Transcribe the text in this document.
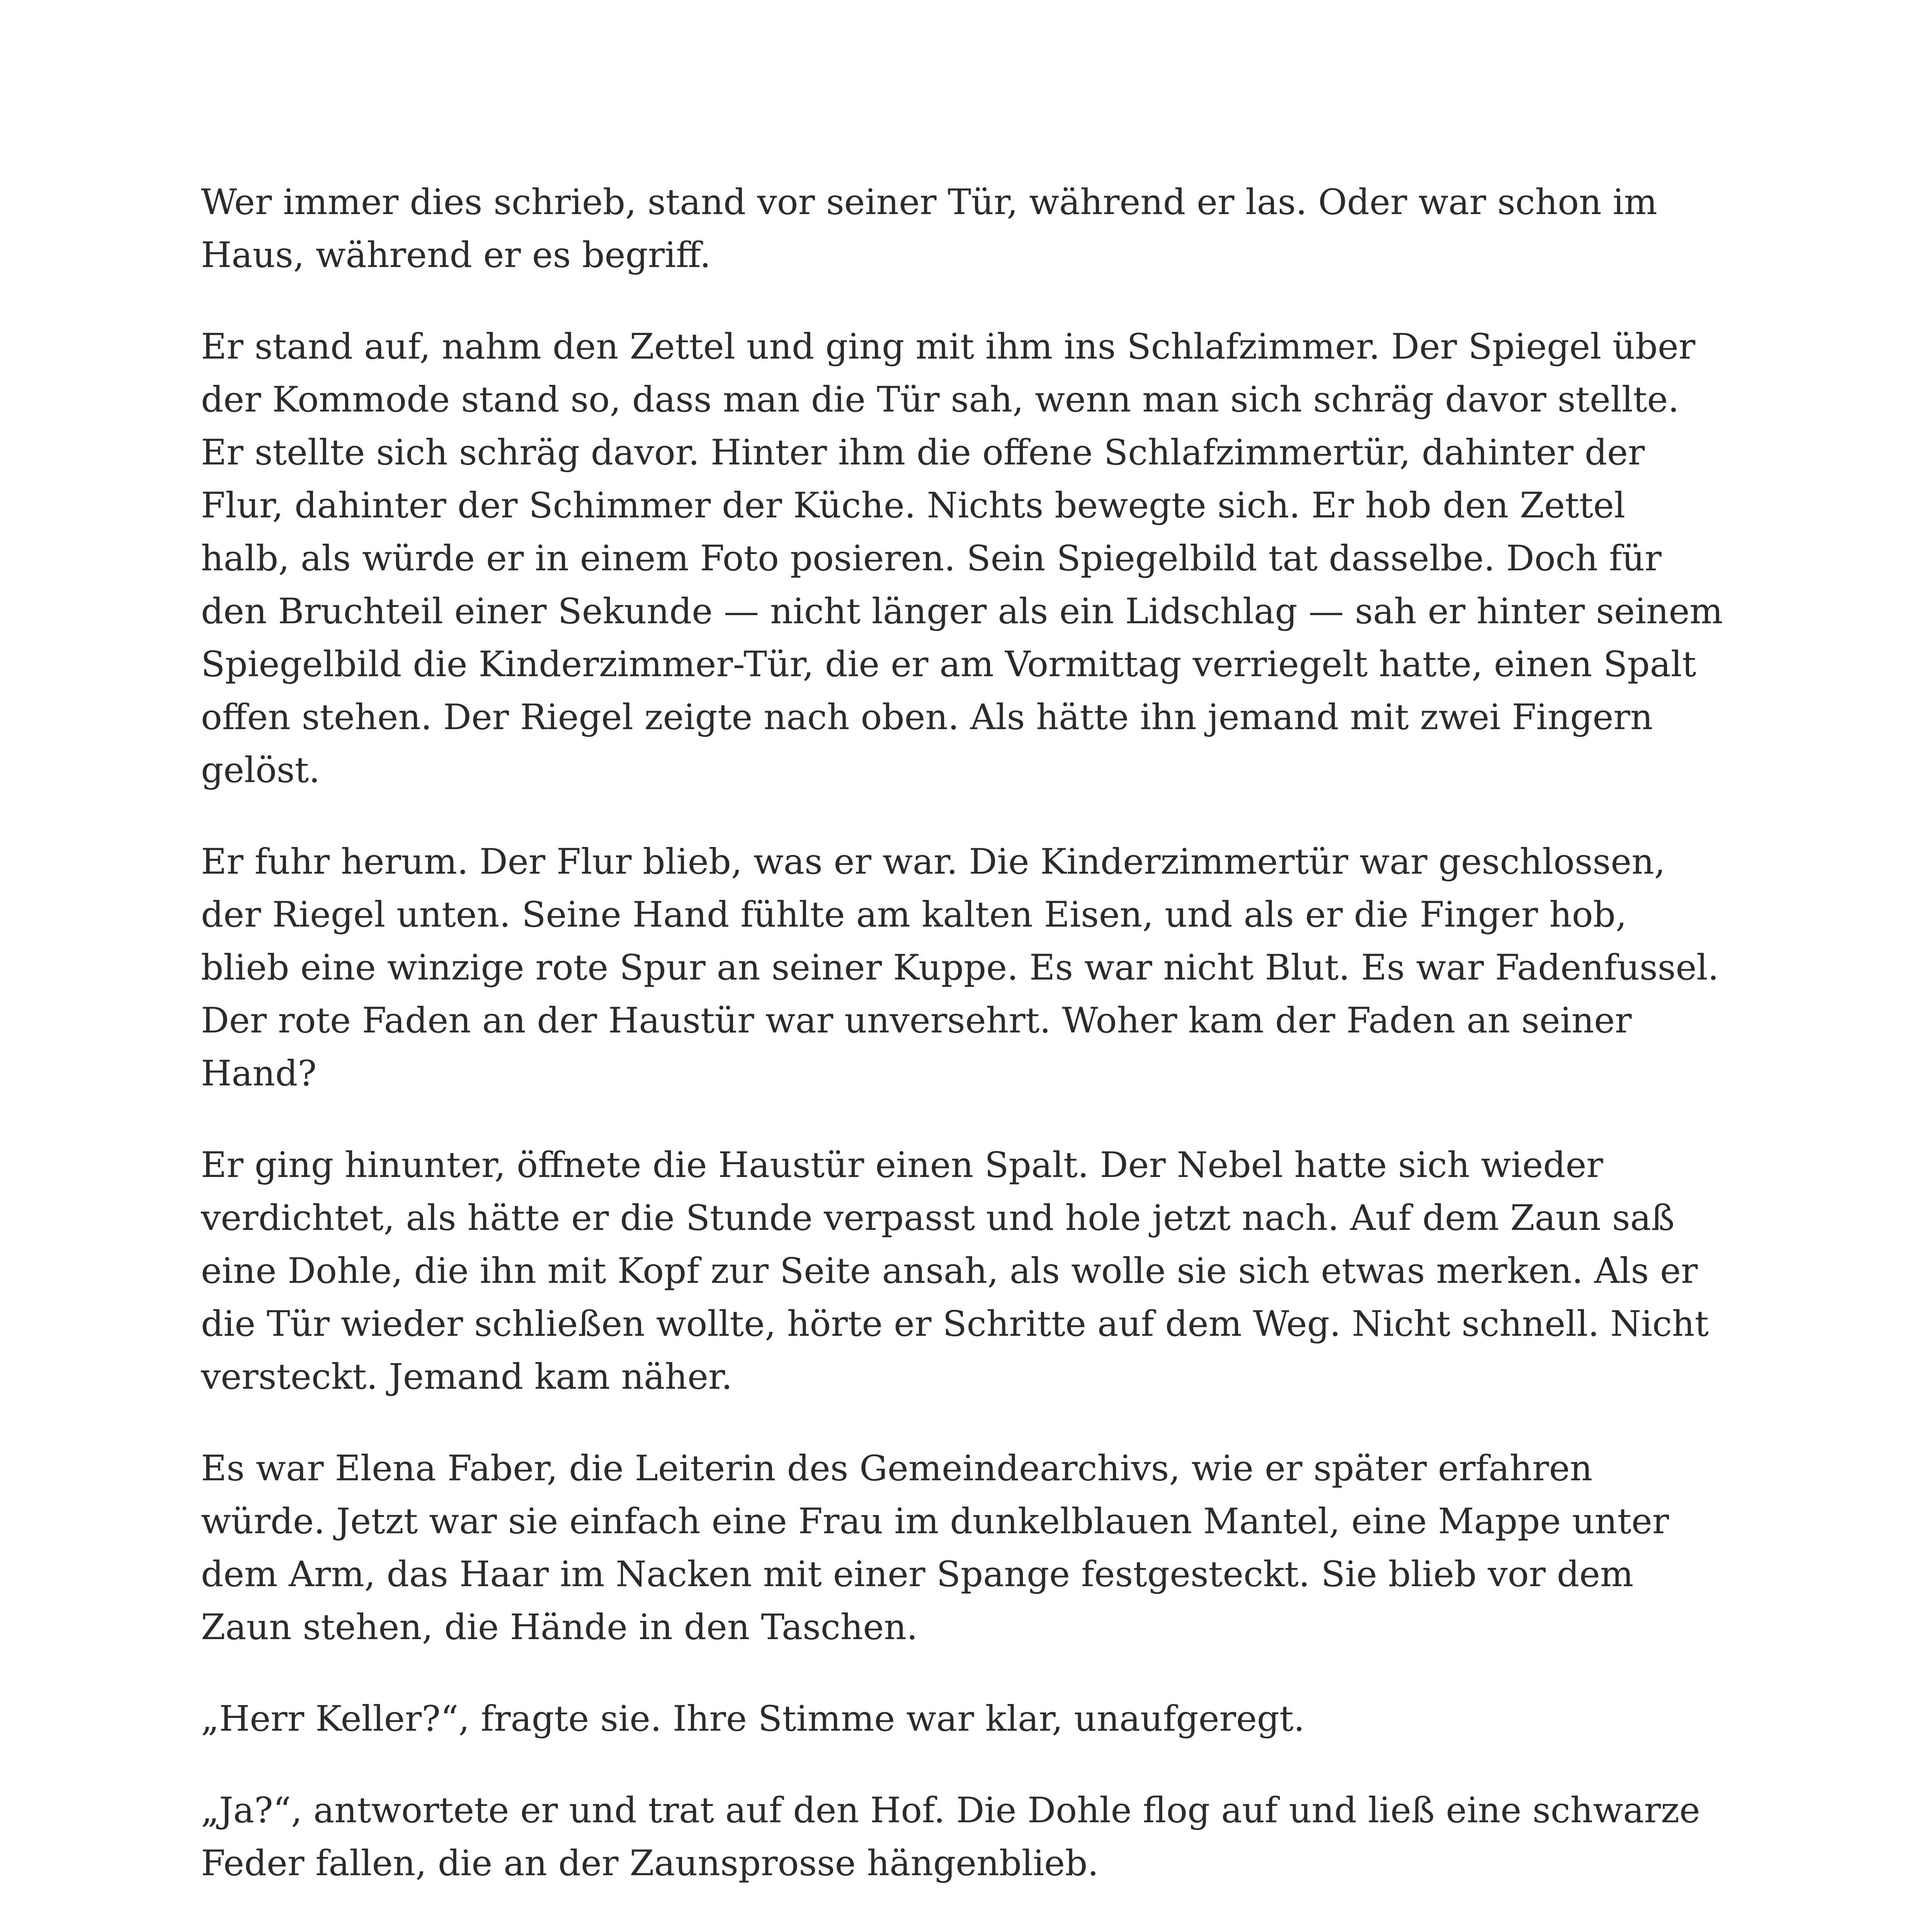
Wer immer dies schrieb, stand vor seiner Tür, während er las. Oder war schon im Haus, während er es begriff.

Er stand auf, nahm den Zettel und ging mit ihm ins Schlafzimmer. Der Spiegel über der Kommode stand so, dass man die Tür sah, wenn man sich schräg davor stellte. Er stellte sich schräg davor. Hinter ihm die offene Schlafzimmertür, dahinter der Flur, dahinter der Schimmer der Küche. Nichts bewegte sich. Er hob den Zettel halb, als würde er in einem Foto posieren. Sein Spiegelbild tat dasselbe. Doch für den Bruchteil einer Sekunde — nicht länger als ein Lidschlag — sah er hinter seinem Spiegelbild die Kinderzimmer-Tür, die er am Vormittag verriegelt hatte, einen Spalt offen stehen. Der Riegel zeigte nach oben. Als hätte ihn jemand mit zwei Fingern gelöst.

Er fuhr herum. Der Flur blieb, was er war. Die Kinderzimmertür war geschlossen, der Riegel unten. Seine Hand fühlte am kalten Eisen, und als er die Finger hob, blieb eine winzige rote Spur an seiner Kuppe. Es war nicht Blut. Es war Fadenfussel. Der rote Faden an der Haustür war unversehrt. Woher kam der Faden an seiner Hand?

Er ging hinunter, öffnete die Haustür einen Spalt. Der Nebel hatte sich wieder verdichtet, als hätte er die Stunde verpasst und hole jetzt nach. Auf dem Zaun saß eine Dohle, die ihn mit Kopf zur Seite ansah, als wolle sie sich etwas merken. Als er die Tür wieder schließen wollte, hörte er Schritte auf dem Weg. Nicht schnell. Nicht versteckt. Jemand kam näher.

Es war Elena Faber, die Leiterin des Gemeindearchivs, wie er später erfahren würde. Jetzt war sie einfach eine Frau im dunkelblauen Mantel, eine Mappe unter dem Arm, das Haar im Nacken mit einer Spange festgesteckt. Sie blieb vor dem Zaun stehen, die Hände in den Taschen.

„Herr Keller?“, fragte sie. Ihre Stimme war klar, unaufgeregt.

„Ja?“, antwortete er und trat auf den Hof. Die Dohle flog auf und ließ eine schwarze Feder fallen, die an der Zaunsprosse hängenblieb.
